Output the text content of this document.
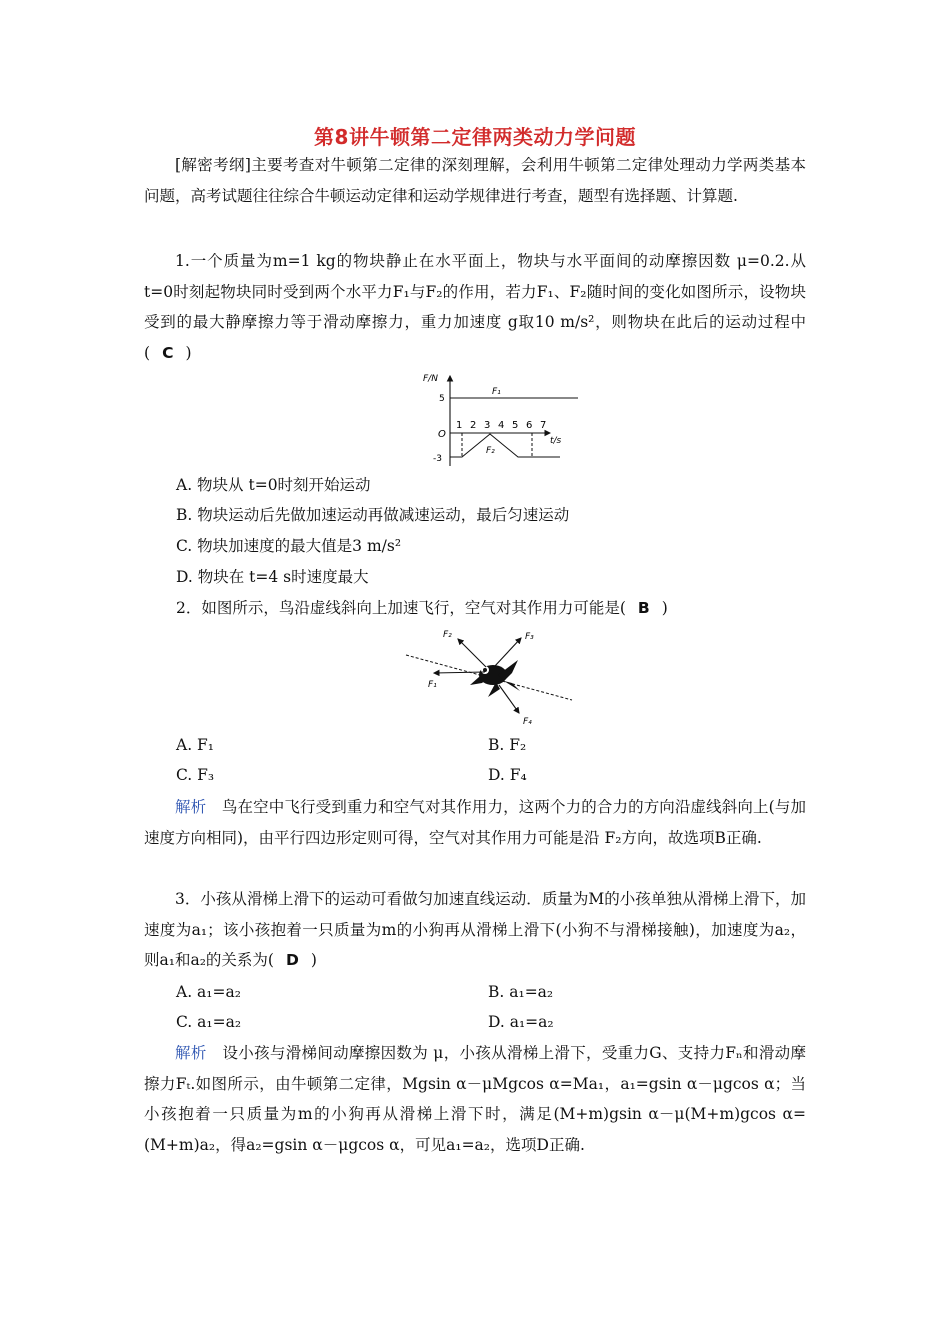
第8讲牛顿第二定律两类动力学问题

[解密考纲]主要考查对牛顿第二定律的深刻理解，会利用牛顿第二定律处理动力学两类基本问题，高考试题往往综合牛顿运动定律和运动学规律进行考查，题型有选择题、计算题.

1.一个质量为m=1 kg的物块静止在水平面上，物块与水平面间的动摩擦因数 μ=0.2.从 t=0时刻起物块同时受到两个水平力F₁与F₂的作用，若力F₁、F₂随时间的变化如图所示，设物块受到的最大静摩擦力等于滑动摩擦力，重力加速度 g取10 m/s²，则物块在此后的运动过程中( C )

F/N
t/s
O
5
-3
F₁
F₂
1 2 3 4 5 6 7
A. 物块从 t=0时刻开始运动
B. 物块运动后先做加速运动再做减速运动，最后匀速运动
C. 物块加速度的最大值是3 m/s²
D. 物块在 t=4 s时速度最大
2．如图所示，鸟沿虚线斜向上加速飞行，空气对其作用力可能是( B )
F₁
F₂	F₃
F₄
A. F₁	B. F₂
C. F₃	D. F₄

解析　 鸟在空中飞行受到重力和空气对其作用力，这两个力的合力的方向沿虚线斜向上(与加速度方向相同)，由平行四边形定则可得，空气对其作用力可能是沿 F₂方向，故选项B正确.

3．小孩从滑梯上滑下的运动可看做匀加速直线运动．质量为M的小孩单独从滑梯上滑下，加速度为a₁；该小孩抱着一只质量为m的小狗再从滑梯上滑下(小狗不与滑梯接触)，加速度为a₂，则a₁和a₂的关系为( D )

A. a₁=a₂	B. a₁=a₂
C. a₁=a₂	D. a₁=a₂

解析　 设小孩与滑梯间动摩擦因数为 μ，小孩从滑梯上滑下，受重力G、支持力Fₙ和滑动摩擦力Fₜ.如图所示，由牛顿第二定律，Mgsin α－μMgcos α=Ma₁，a₁=gsin α－μgcos α；当小孩抱着一只质量为m的小狗再从滑梯上滑下时，满足(M+m)gsin α－μ(M+m)gcos α=(M+m)a₂，得a₂=gsin α－μgcos α，可见a₁=a₂，选项D正确.
